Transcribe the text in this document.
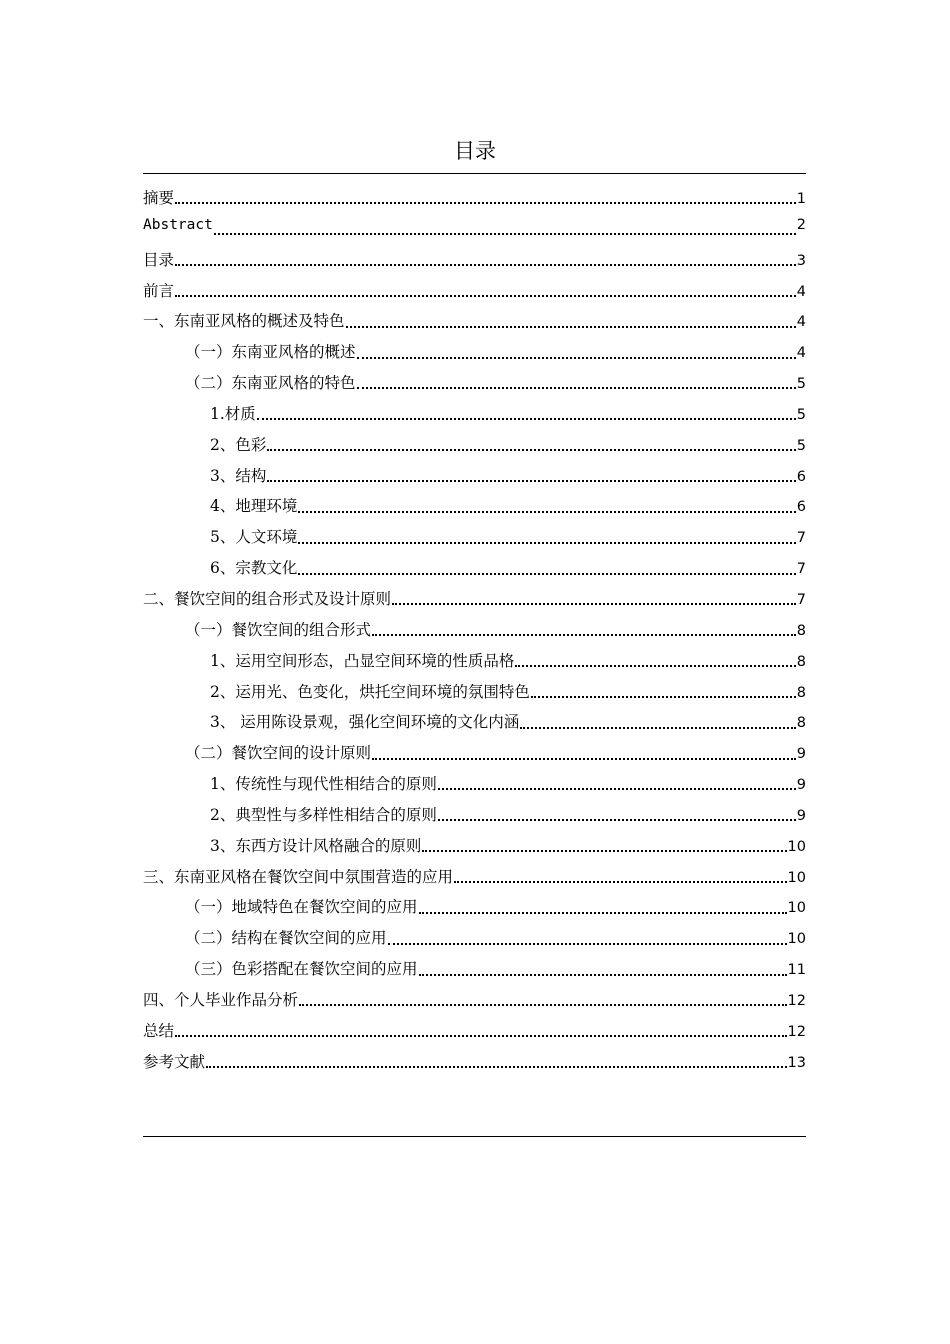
目录
摘要	1
Abstract	2
目录	3
前言	4
一、东南亚风格的概述及特色	4
（一）东南亚风格的概述	4
（二）东南亚风格的特色	5
1.材质	5
2、色彩	5
3、结构	6
4、地理环境	6
5、人文环境	7
6、宗教文化	7
二、餐饮空间的组合形式及设计原则	7
（一）餐饮空间的组合形式	8
1、运用空间形态，凸显空间环境的性质品格	8
2、运用光、色变化，烘托空间环境的氛围特色	8
3、 运用陈设景观，强化空间环境的文化内涵	8
（二）餐饮空间的设计原则	9
1、传统性与现代性相结合的原则	9
2、典型性与多样性相结合的原则	9
3、东西方设计风格融合的原则	10
三、东南亚风格在餐饮空间中氛围营造的应用	10
（一）地域特色在餐饮空间的应用	10
（二）结构在餐饮空间的应用	10
（三）色彩搭配在餐饮空间的应用	11
四、个人毕业作品分析	12
总结	12
参考文献	13
